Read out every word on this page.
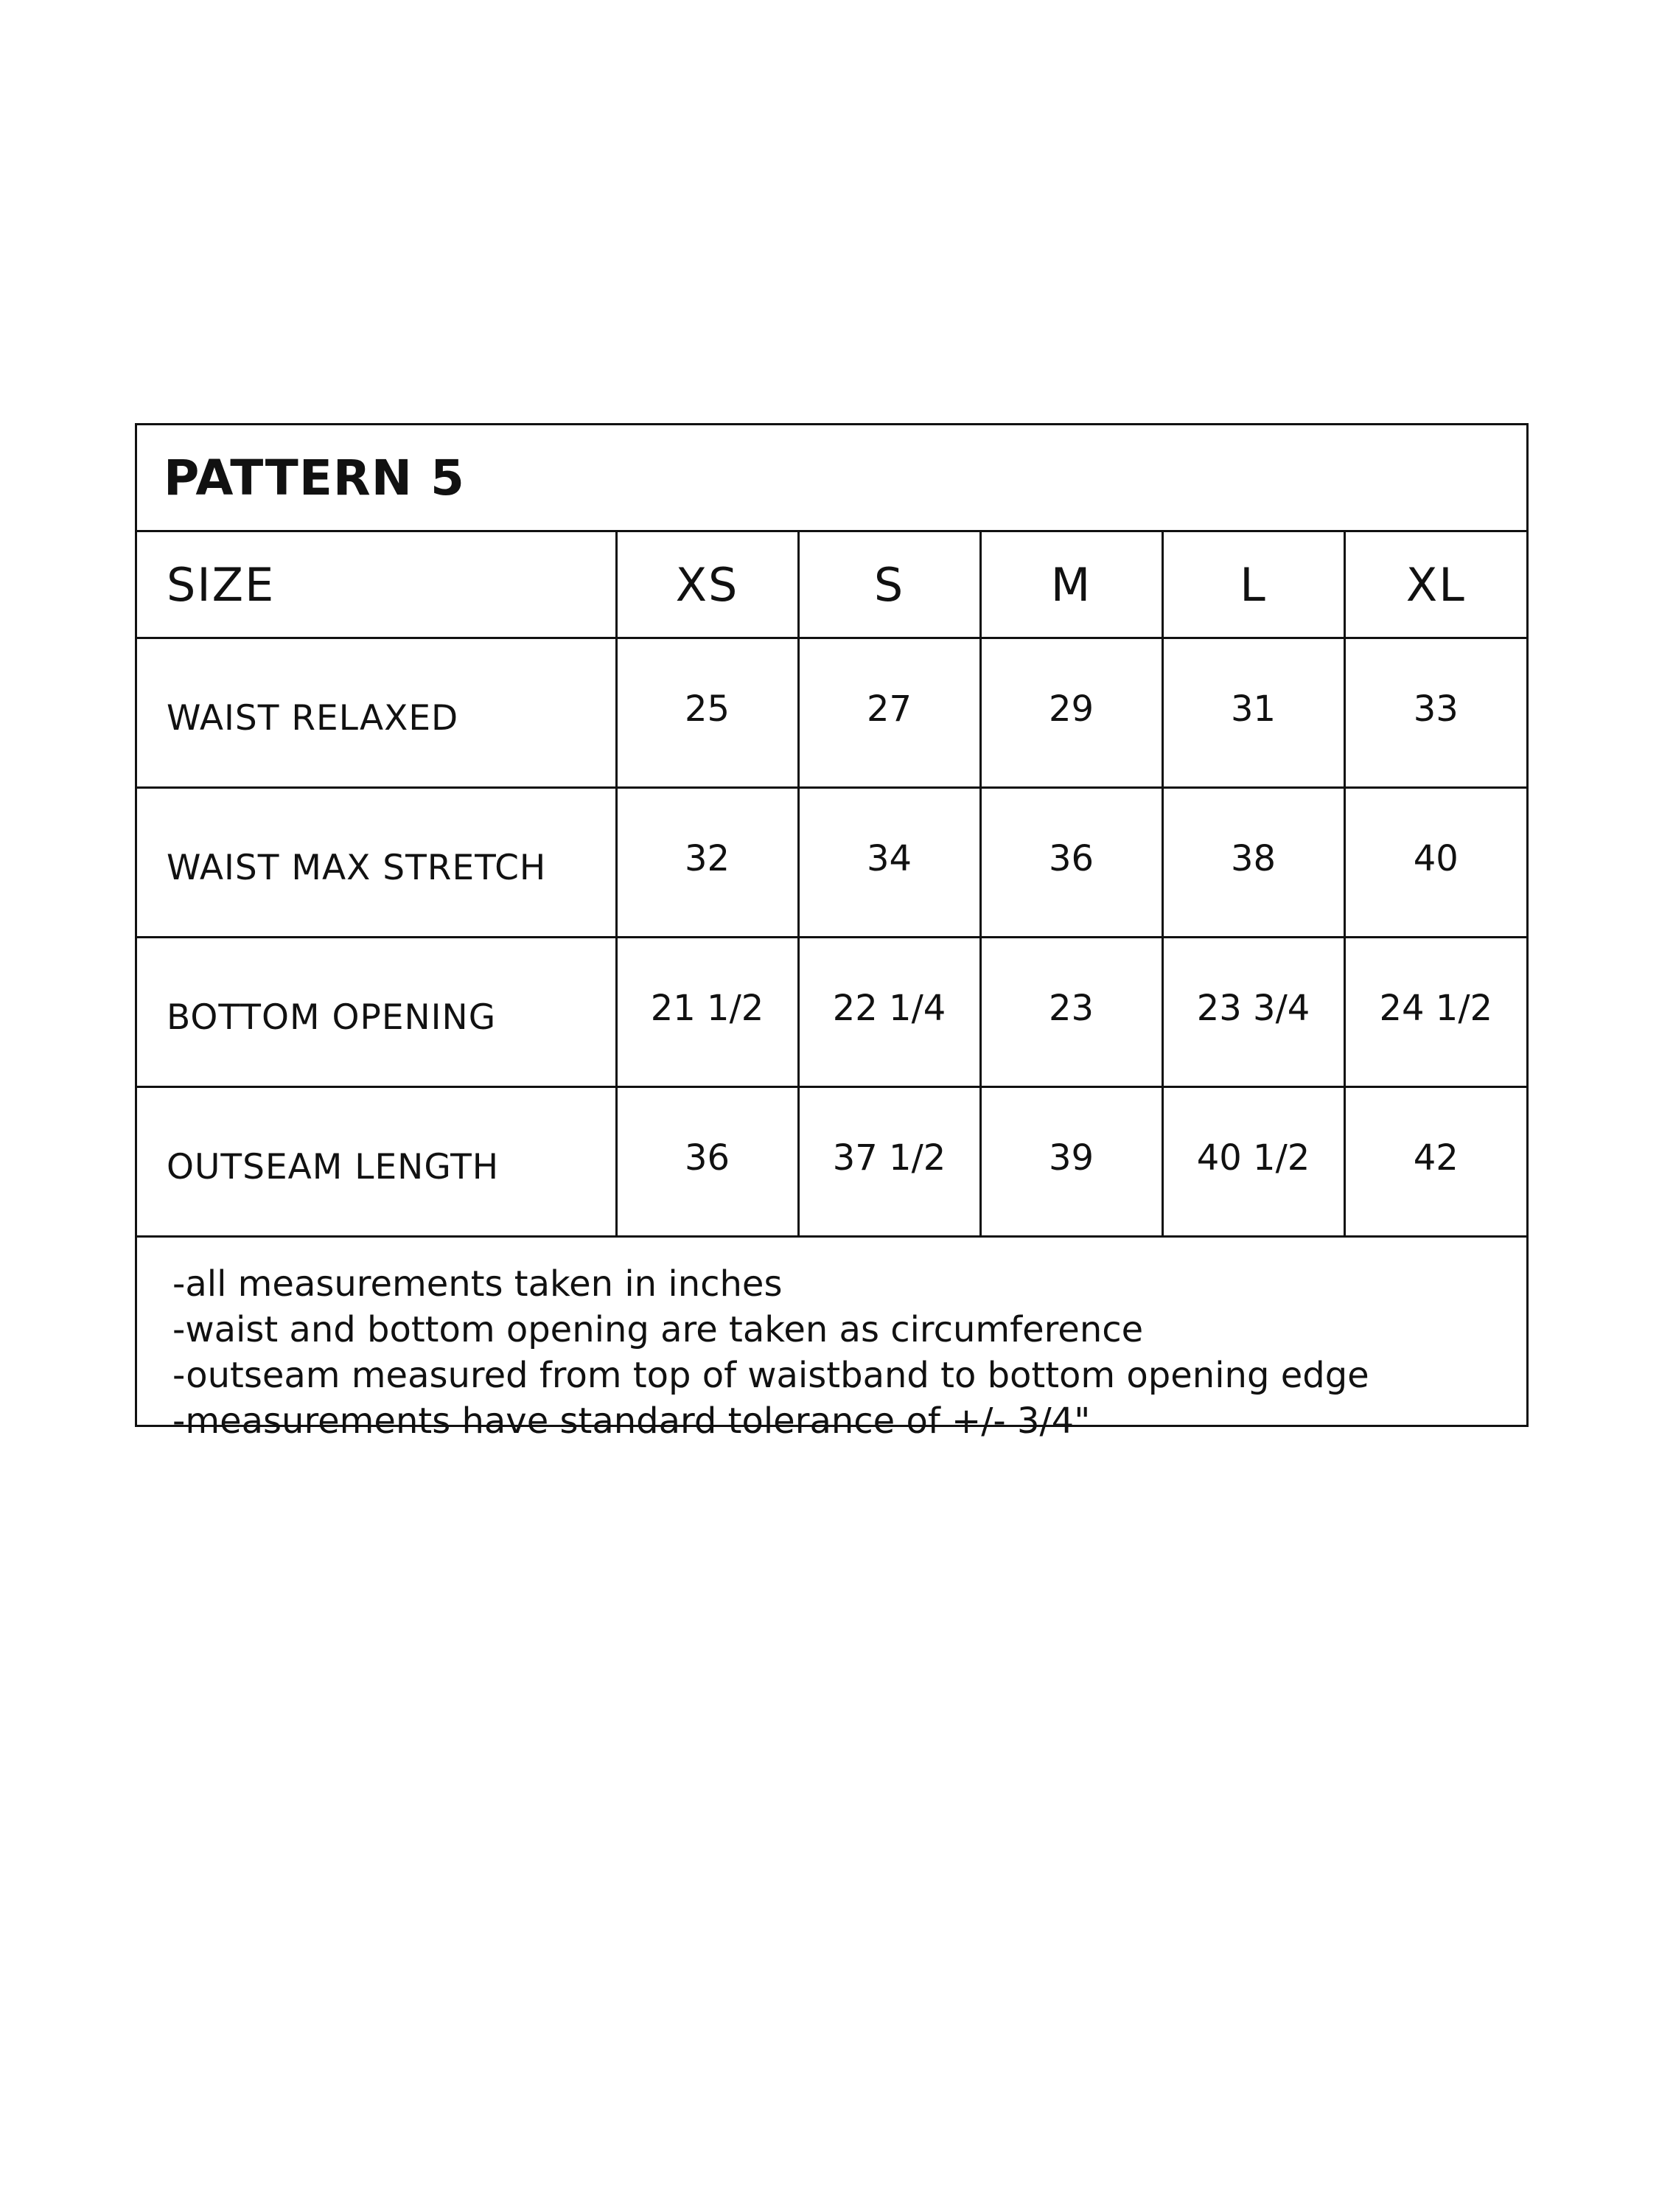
PATTERN 5
SIZE	XS	S	M	L	XL
WAIST RELAXED	25	27	29	31	33
WAIST MAX STRETCH	32	34	36	38	40
BOTTOM OPENING	21 1/2	22 1/4	23	23 3/4	24 1/2
OUTSEAM LENGTH	36	37 1/2	39	40 1/2	42
-all measurements taken in inches
-waist and bottom opening are taken as circumference
-outseam measured from top of waistband to bottom opening edge
-measurements have standard tolerance of +/- 3/4"
